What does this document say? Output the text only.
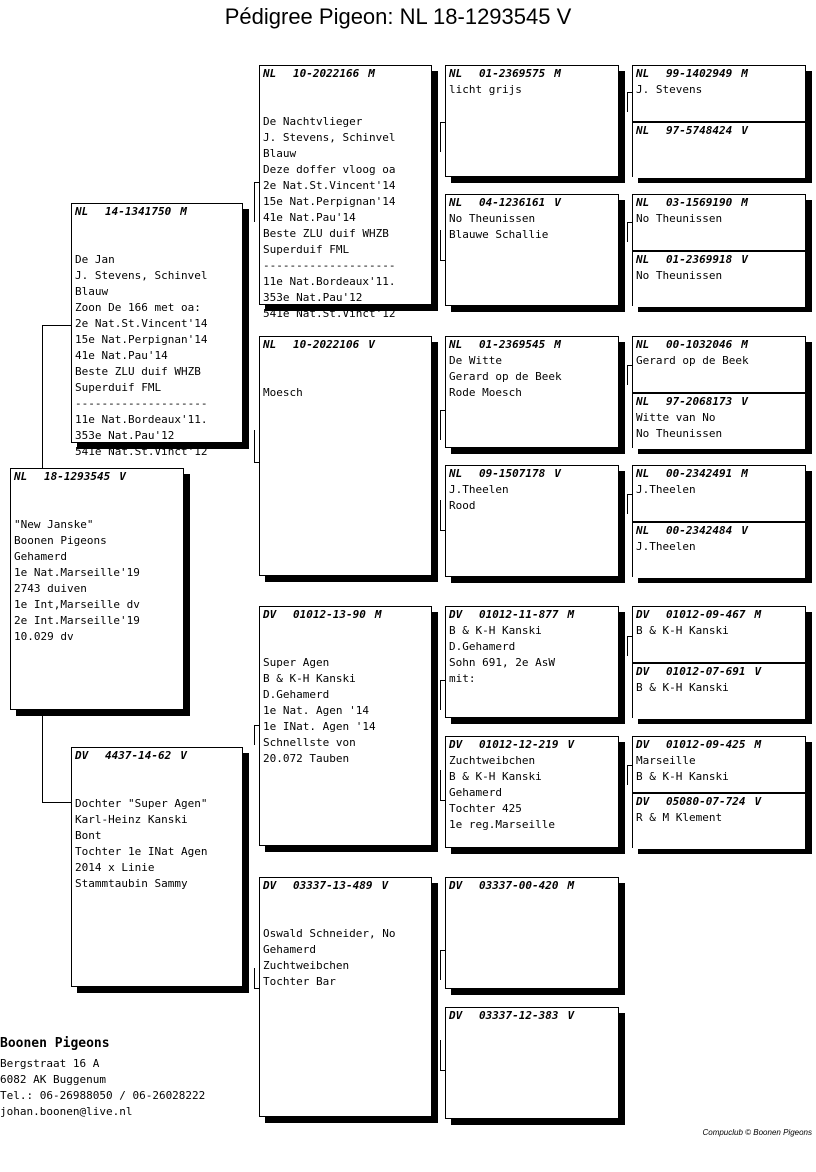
Pédigree Pigeon: NL 18-1293545 V
NL 18-1293545 V

"New Janske"
Boonen Pigeons
Gehamerd
1e Nat.Marseille'19
2743 duiven
1e Int,Marseille dv
2e Int.Marseille'19
10.029 dv

NL 14-1341750 M

De Jan
J. Stevens, Schinvel
Blauw
Zoon De 166 met oa:
2e Nat.St.Vincent'14
15e Nat.Perpignan'14
41e Nat.Pau'14
Beste ZLU duif WHZB
Superduif FML
--------------------
11e Nat.Bordeaux'11.
353e Nat.Pau'12
541e Nat.St.Vinct'12

DV 4437-14-62 V

Dochter "Super Agen"
Karl-Heinz Kanski
Bont
Tochter 1e INat Agen
2014 x Linie
Stammtaubin Sammy

NL 10-2022166 M

De Nachtvlieger
J. Stevens, Schinvel
Blauw
Deze doffer vloog oa
2e Nat.St.Vincent'14
15e Nat.Perpignan'14
41e Nat.Pau'14
Beste ZLU duif WHZB
Superduif FML
--------------------
11e Nat.Bordeaux'11.
353e Nat.Pau'12
541e Nat.St.Vinct'12

NL 10-2022106 V

Moesch

DV 01012-13-90 M

Super Agen
B & K-H Kanski
D.Gehamerd
1e Nat. Agen '14
1e INat. Agen '14
Schnellste von
20.072 Tauben

DV 03337-13-489 V

Oswald Schneider, No
Gehamerd
Zuchtweibchen
Tochter Bar

NL 01-2369575 M
licht grijs
NL 04-1236161 V
No Theunissen
Blauwe Schallie
NL 01-2369545 M
De Witte
Gerard op de Beek
Rode Moesch
NL 09-1507178 V
J.Theelen
Rood
DV 01012-11-877 M
B & K-H Kanski
D.Gehamerd
Sohn 691, 2e AsW
mit:
DV 01012-12-219 V
Zuchtweibchen
B & K-H Kanski
Gehamerd
Tochter 425
1e reg.Marseille
DV 03337-00-420 M
DV 03337-12-383 V
NL 99-1402949 M
J. Stevens
NL 97-5748424 V
NL 03-1569190 M
No Theunissen
NL 01-2369918 V
No Theunissen
NL 00-1032046 M
Gerard op de Beek
NL 97-2068173 V
Witte van No
No Theunissen
NL 00-2342491 M
J.Theelen
NL 00-2342484 V
J.Theelen
DV 01012-09-467 M
B & K-H Kanski
DV 01012-07-691 V
B & K-H Kanski
DV 01012-09-425 M
Marseille
B & K-H Kanski
DV 05080-07-724 V
R & M Klement
Boonen Pigeons
Bergstraat 16 A
6082 AK Buggenum
Tel.: 06-26988050 / 06-26028222
johan.boonen@live.nl
Compuclub © Boonen Pigeons
